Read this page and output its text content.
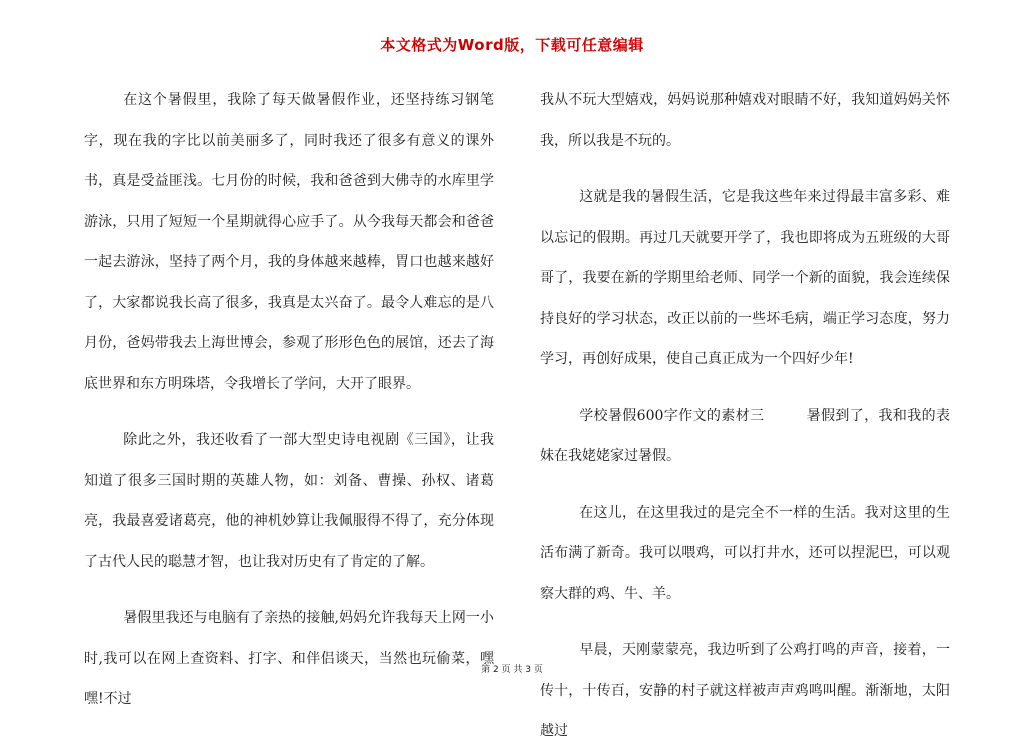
本文格式为Word版，下载可任意编辑

在这个暑假里，我除了每天做暑假作业，还坚持练习钢笔字，现在我的字比以前美丽多了，同时我还了很多有意义的课外书，真是受益匪浅。七月份的时候，我和爸爸到大佛寺的水库里学游泳，只用了短短一个星期就得心应手了。从今我每天都会和爸爸一起去游泳，坚持了两个月，我的身体越来越棒，胃口也越来越好了，大家都说我长高了很多，我真是太兴奋了。最令人难忘的是八月份，爸妈带我去上海世博会，参观了形形色色的展馆，还去了海底世界和东方明珠塔，令我增长了学问，大开了眼界。

除此之外，我还收看了一部大型史诗电视剧《三国》，让我知道了很多三国时期的英雄人物，如：刘备、曹操、孙权、诸葛亮，我最喜爱诸葛亮，他的神机妙算让我佩服得不得了，充分体现了古代人民的聪慧才智，也让我对历史有了肯定的了解。

暑假里我还与电脑有了亲热的接触,妈妈允许我每天上网一小时,我可以在网上查资料、打字、和伴侣谈天，当然也玩偷菜，嘿嘿!不过

我从不玩大型嬉戏，妈妈说那种嬉戏对眼睛不好，我知道妈妈关怀我，所以我是不玩的。

这就是我的暑假生活，它是我这些年来过得最丰富多彩、难以忘记的假期。再过几天就要开学了，我也即将成为五班级的大哥哥了，我要在新的学期里给老师、同学一个新的面貌，我会连续保持良好的学习状态，改正以前的一些坏毛病，端正学习态度，努力学习，再创好成果，使自己真正成为一个四好少年!

学校暑假600字作文的素材三	暑假到了，我和我的表妹在我姥姥家过暑假。

在这儿，在这里我过的是完全不一样的生活。我对这里的生活布满了新奇。我可以喂鸡，可以打井水，还可以捏泥巴，可以观察大群的鸡、牛、羊。

早晨，天刚蒙蒙亮，我边听到了公鸡打鸣的声音，接着，一传十，十传百，安静的村子就这样被声声鸡鸣叫醒。渐渐地，太阳越过

第 2 页 共 3 页
